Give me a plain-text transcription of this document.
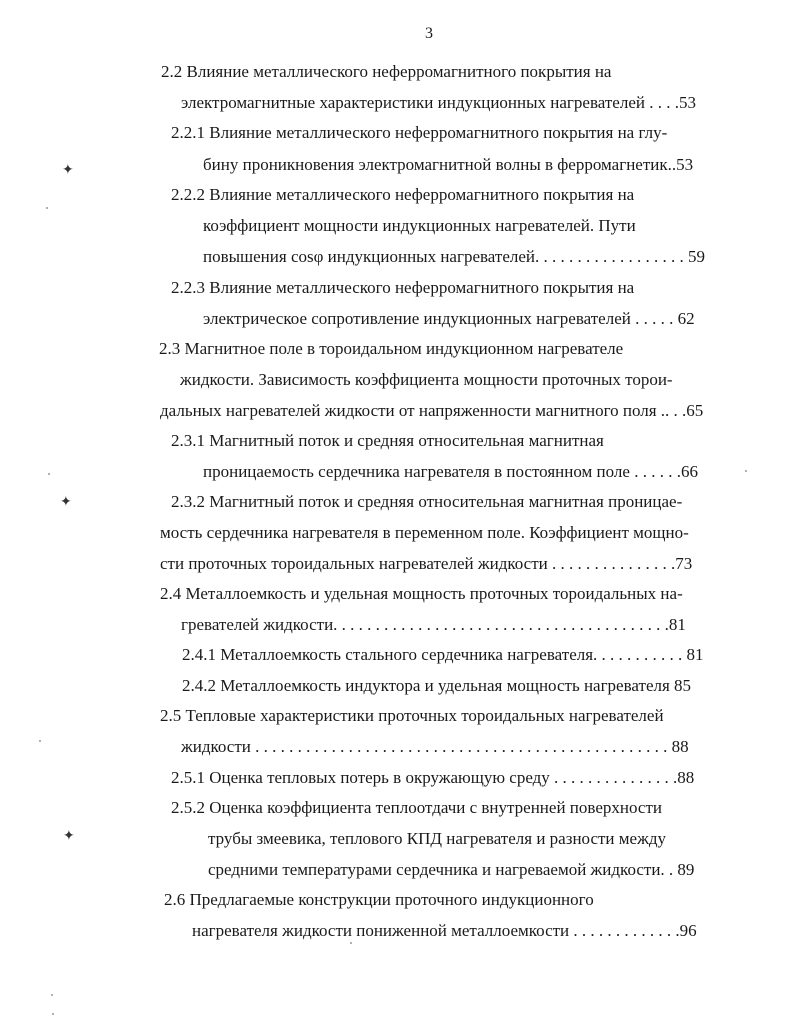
3
2.2 Влияние металлического неферромагнитного покрытия на
электромагнитные характеристики индукционных нагревателей . . . .53
2.2.1 Влияние металлического неферромагнитного покрытия на глу-
бину проникновения электромагнитной волны в ферромагнетик..53
2.2.2 Влияние металлического неферромагнитного покрытия на
коэффициент мощности индукционных нагревателей. Пути
повышения cosφ индукционных нагревателей. . . . . . . . . . . . . . . . . . 59
2.2.3 Влияние металлического неферромагнитного покрытия на
электрическое сопротивление индукционных нагревателей . . . . . 62
2.3 Магнитное поле в тороидальном индукционном нагревателе
жидкости. Зависимость коэффициента мощности проточных торои-
дальных нагревателей жидкости от напряженности магнитного поля .. . .65
2.3.1 Магнитный поток и средняя относительная магнитная
проницаемость сердечника нагревателя в постоянном поле . . . . . .66
2.3.2 Магнитный поток и средняя относительная магнитная проницае-
мость сердечника нагревателя в переменном поле. Коэффициент мощно-
сти проточных тороидальных нагревателей жидкости . . . . . . . . . . . . . . .73
2.4 Металлоемкость и удельная мощность проточных тороидальных на-
гревателей жидкости. . . . . . . . . . . . . . . . . . . . . . . . . . . . . . . . . . . . . . . .81
2.4.1 Металлоемкость стального сердечника нагревателя. . . . . . . . . . . 81
2.4.2 Металлоемкость индуктора и удельная мощность нагревателя 85
2.5 Тепловые характеристики проточных тороидальных нагревателей
жидкости . . . . . . . . . . . . . . . . . . . . . . . . . . . . . . . . . . . . . . . . . . . . . . . . . 88
2.5.1 Оценка тепловых потерь в окружающую среду . . . . . . . . . . . . . . .88
2.5.2 Оценка коэффициента теплоотдачи с внутренней поверхности
трубы змеевика, теплового КПД нагревателя и разности между
средними температурами сердечника и нагреваемой жидкости. . 89
2.6 Предлагаемые конструкции проточного индукционного
нагревателя жидкости пониженной металлоемкости . . . . . . . . . . . . .96
✦
✦
✦
